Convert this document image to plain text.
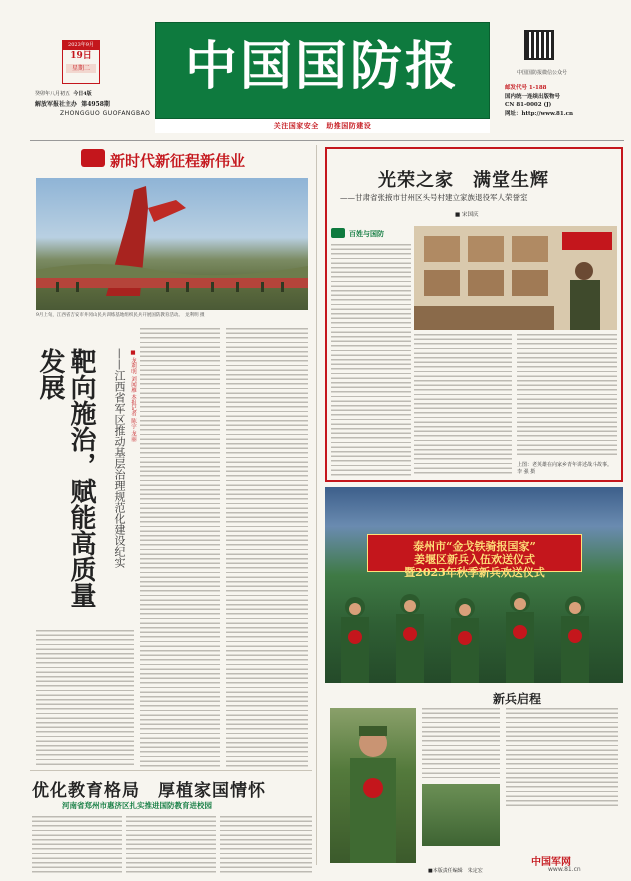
2023年9月
19日
星期二
癸卯年八月初五 今日4版
解放军报社主办 第4958期
ZHONGGUO GUOFANGBAO
中国国防报
关注国家安全　助推国防建设
中国国防报微信公众号
邮发代号 1-188
国内统一连续出版物号
CN 81-0002 (J)
网址：http://www.81.cn
新时代新征程新伟业
9月上旬，江西省吉安市井冈山民兵训练基地组织民兵开展国防教育活动。　龙利明 摄
靶向施治，赋能高质量发展	——江西省军区推动基层治理规范化建设纪实 ■ 龙利明 刘闻雁 本报记者 陈宇 龙丽
光荣之家　满堂生辉
——甘肃省张掖市甘州区头号村建立家族退役军人荣誉室
■ 宋国庆
百姓与国防
上图：老英雄在向家乡青年讲述战斗故事。　李 强 摄
泰州市“金戈铁骑报国家”
姜堰区新兵入伍欢送仪式
暨2023年秋季新兵欢送仪式
新兵启程
优化教育格局　厚植家国情怀
河南省郑州市惠济区扎实推进国防教育进校园
■本版责任编辑　朱定宏
中国军网
www.81.cn
